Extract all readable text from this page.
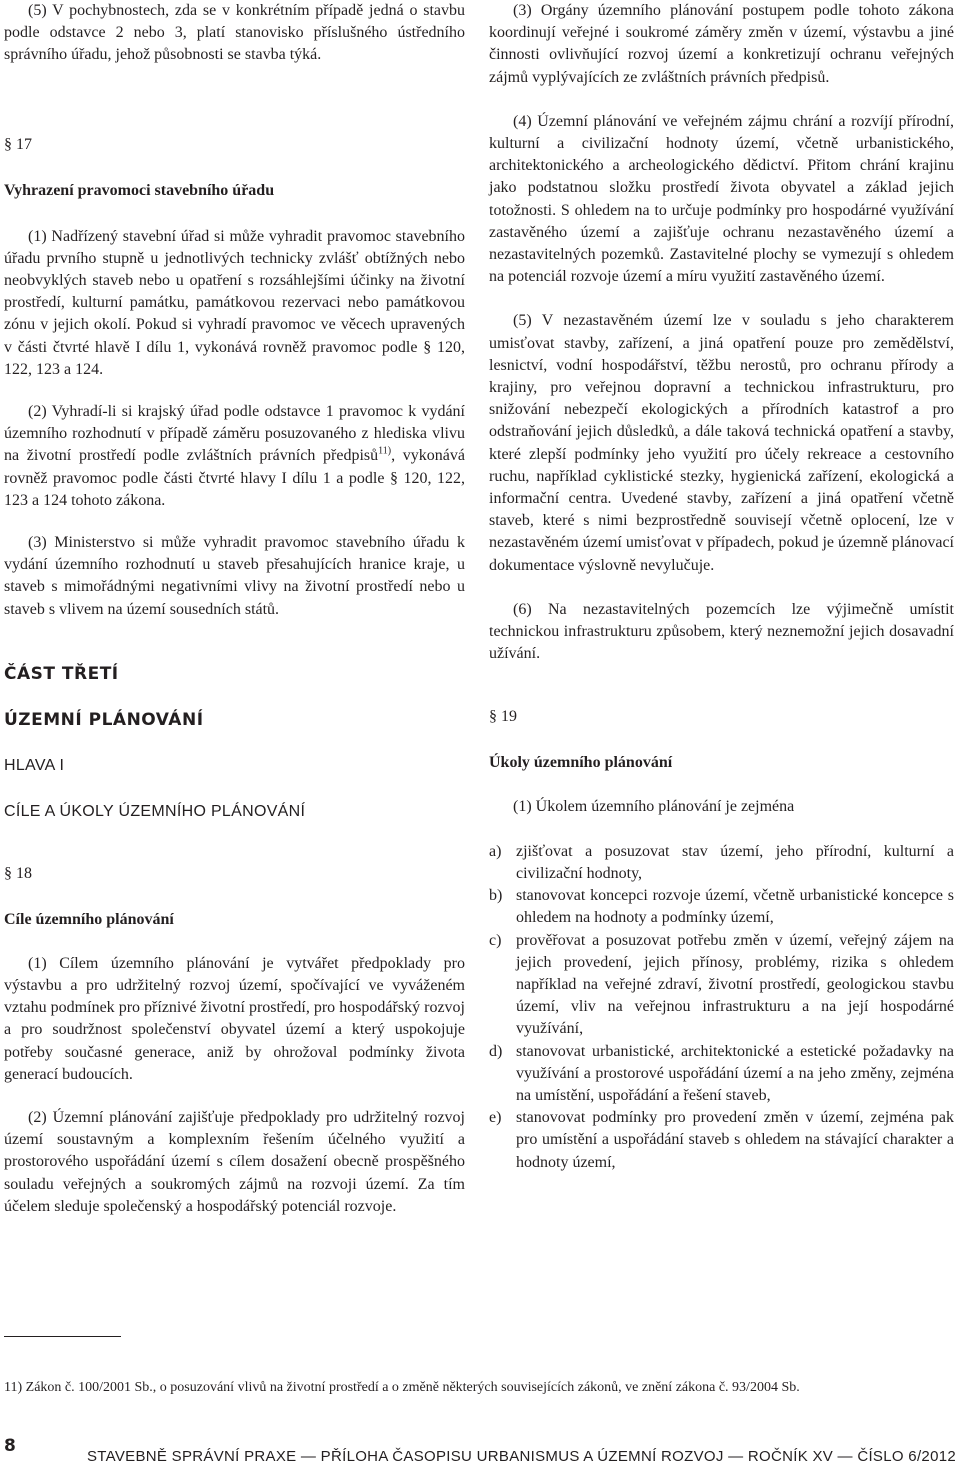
(5) V pochybnostech, zda se v konkrétním případě jedná o stavbu podle odstavce 2 nebo 3, platí stanovisko příslušného ústředního správního úřadu, jehož působnosti se stavba týká.

§ 17

Vyhrazení pravomoci stavebního úřadu

(1) Nadřízený stavební úřad si může vyhradit pravomoc stavebního úřadu prvního stupně u jednotlivých technicky zvlášť obtížných nebo neobvyklých staveb nebo u opatření s rozsáhlejšími účinky na životní prostředí, kulturní památku, památkovou rezervaci nebo památkovou zónu v jejich okolí. Pokud si vyhradí pravomoc ve věcech upravených v části čtvrté hlavě I dílu 1, vykonává rovněž pravomoc podle § 120, 122, 123 a 124.

(2) Vyhradí-li si krajský úřad podle odstavce 1 pravomoc k vydání územního rozhodnutí v případě záměru posuzovaného z hlediska vlivu na životní prostředí podle zvláštních právních předpisů$^{11)}$, vykonává rovněž pravomoc podle části čtvrté hlavy I dílu 1 a podle § 120, 122, 123 a 124 tohoto zákona.

(3) Ministerstvo si může vyhradit pravomoc stavebního úřadu k vydání územního rozhodnutí u staveb přesahujících hranice kraje, u staveb s mimořádnými negativními vlivy na životní prostředí nebo u staveb s vlivem na území sousedních států.

ČÁST TŘETÍ

ÚZEMNÍ PLÁNOVÁNÍ

HLAVA I

CÍLE A ÚKOLY ÚZEMNÍHO PLÁNOVÁNÍ

§ 18

Cíle územního plánování

(1) Cílem územního plánování je vytvářet předpoklady pro výstavbu a pro udržitelný rozvoj území, spočívající ve vyváženém vztahu podmínek pro příznivé životní prostředí, pro hospodářský rozvoj a pro soudržnost společenství obyvatel území a který uspokojuje potřeby současné generace, aniž by ohrožoval podmínky života generací budoucích.

(2) Územní plánování zajišťuje předpoklady pro udržitelný rozvoj území soustavným a komplexním řešením účelného využití a prostorového uspořádání území s cílem dosažení obecně prospěšného souladu veřejných a soukromých zájmů na rozvoji území. Za tím účelem sleduje společenský a hospodářský potenciál rozvoje.

(3) Orgány územního plánování postupem podle tohoto zákona koordinují veřejné i soukromé záměry změn v území, výstavbu a jiné činnosti ovlivňující rozvoj území a konkretizují ochranu veřejných zájmů vyplývajících ze zvláštních právních předpisů.

(4) Územní plánování ve veřejném zájmu chrání a rozvíjí přírodní, kulturní a civilizační hodnoty území, včetně urbanistického, architektonického a archeologického dědictví. Přitom chrání krajinu jako podstatnou složku prostředí života obyvatel a základ jejich totožnosti. S ohledem na to určuje podmínky pro hospodárné využívání zastavěného území a zajišťuje ochranu nezastavěného území a nezastavitelných pozemků. Zastavitelné plochy se vymezují s ohledem na potenciál rozvoje území a míru využití zastavěného území.

(5) V nezastavěném území lze v souladu s jeho charakterem umisťovat stavby, zařízení, a jiná opatření pouze pro zemědělství, lesnictví, vodní hospodářství, těžbu nerostů, pro ochranu přírody a krajiny, pro veřejnou dopravní a technickou infrastrukturu, pro snižování nebezpečí ekologických a přírodních katastrof a pro odstraňování jejich důsledků, a dále taková technická opatření a stavby, které zlepší podmínky jeho využití pro účely rekreace a cestovního ruchu, například cyklistické stezky, hygienická zařízení, ekologická a informační centra. Uvedené stavby, zařízení a jiná opatření včetně staveb, které s nimi bezprostředně souvisejí včetně oplocení, lze v nezastavěném území umisťovat v případech, pokud je územně plánovací dokumentace výslovně nevylučuje.

(6) Na nezastavitelných pozemcích lze výjimečně umístit technickou infrastrukturu způsobem, který neznemožní jejich dosavadní užívání.

§ 19

Úkoly územního plánování

(1) Úkolem územního plánování je zejména

a) zjišťovat a posuzovat stav území, jeho přírodní, kulturní a civilizační hodnoty,
b) stanovovat koncepci rozvoje území, včetně urbanistické koncepce s ohledem na hodnoty a podmínky území,
c) prověřovat a posuzovat potřebu změn v území, veřejný zájem na jejich provedení, jejich přínosy, problémy, rizika s ohledem například na veřejné zdraví, životní prostředí, geologickou stavbu území, vliv na veřejnou infrastrukturu a na její hospodárné využívání,
d) stanovovat urbanistické, architektonické a estetické požadavky na využívání a prostorové uspořádání území a na jeho změny, zejména na umístění, uspořádání a řešení staveb,
e) stanovovat podmínky pro provedení změn v území, zejména pak pro umístění a uspořádání staveb s ohledem na stávající charakter a hodnoty území,
11) Zákon č. 100/2001 Sb., o posuzování vlivů na životní prostředí a o změně některých souvisejících zákonů, ve znění zákona č. 93/2004 Sb.
8
STAVEBNĚ SPRÁVNÍ PRAXE — PŘÍLOHA ČASOPISU URBANISMUS A ÚZEMNÍ ROZVOJ — ROČNÍK XV — ČÍSLO 6/2012
